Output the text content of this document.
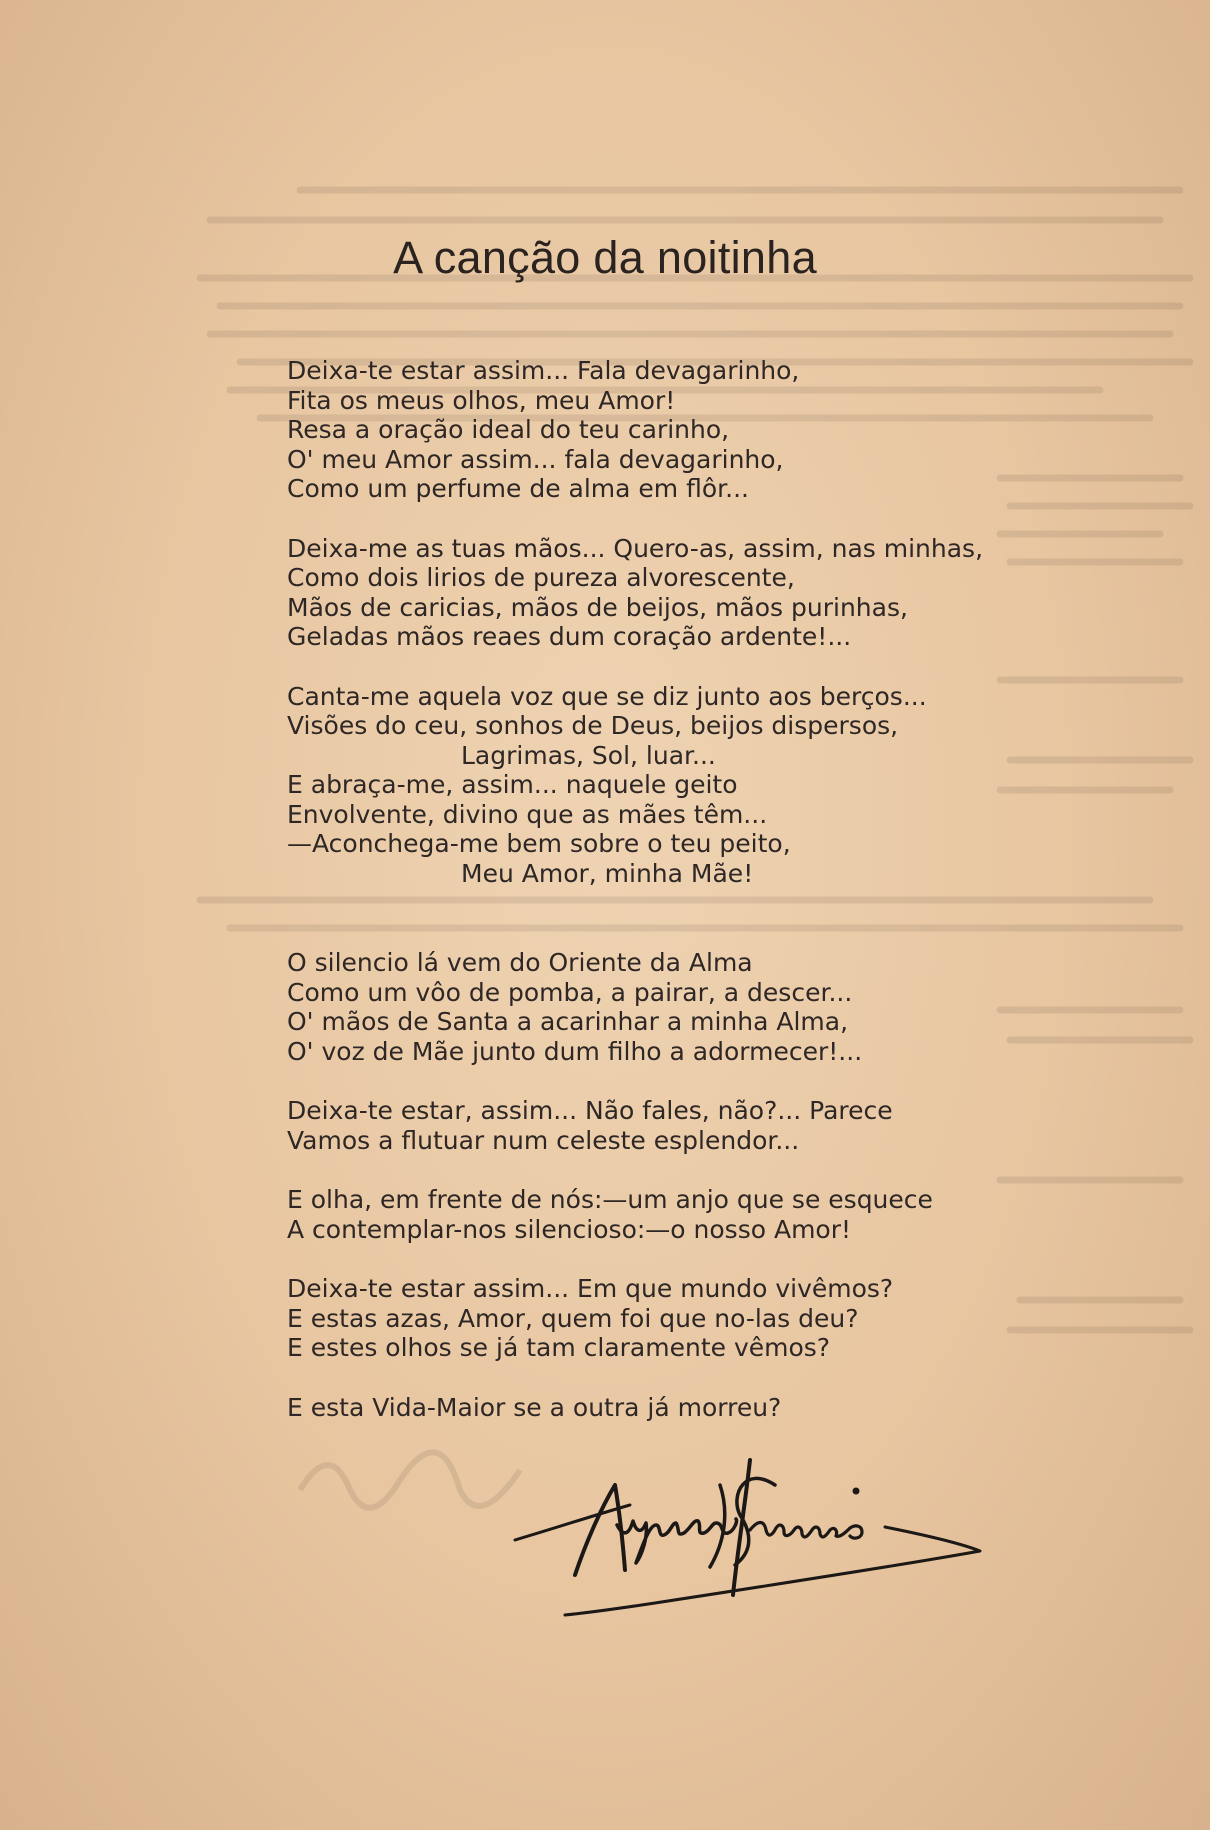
A canção da noitinha
Deixa-te estar assim... Fala devagarinho,
Fita os meus olhos, meu Amor!
Resa a oração ideal do teu carinho,
O' meu Amor assim... fala devagarinho,
Como um perfume de alma em flôr...
Deixa-me as tuas mãos... Quero-as, assim, nas minhas,
Como dois lirios de pureza alvorescente,
Mãos de caricias, mãos de beijos, mãos purinhas,
Geladas mãos reaes dum coração ardente!...
Canta-me aquela voz que se diz junto aos berços...
Visões do ceu, sonhos de Deus, beijos dispersos,
Lagrimas, Sol, luar...
E abraça-me, assim... naquele geito
Envolvente, divino que as mães têm...
—Aconchega-me bem sobre o teu peito,
Meu Amor, minha Mãe!
O silencio lá vem do Oriente da Alma
Como um vôo de pomba, a pairar, a descer...
O' mãos de Santa a acarinhar a minha Alma,
O' voz de Mãe junto dum filho a adormecer!...
Deixa-te estar, assim... Não fales, não?... Parece
Vamos a flutuar num celeste esplendor...
E olha, em frente de nós:—um anjo que se esquece
A contemplar-nos silencioso:—o nosso Amor!
Deixa-te estar assim... Em que mundo vivêmos?
E estas azas, Amor, quem foi que no-las deu?
E estes olhos se já tam claramente vêmos?
E esta Vida-Maior se a outra já morreu?
